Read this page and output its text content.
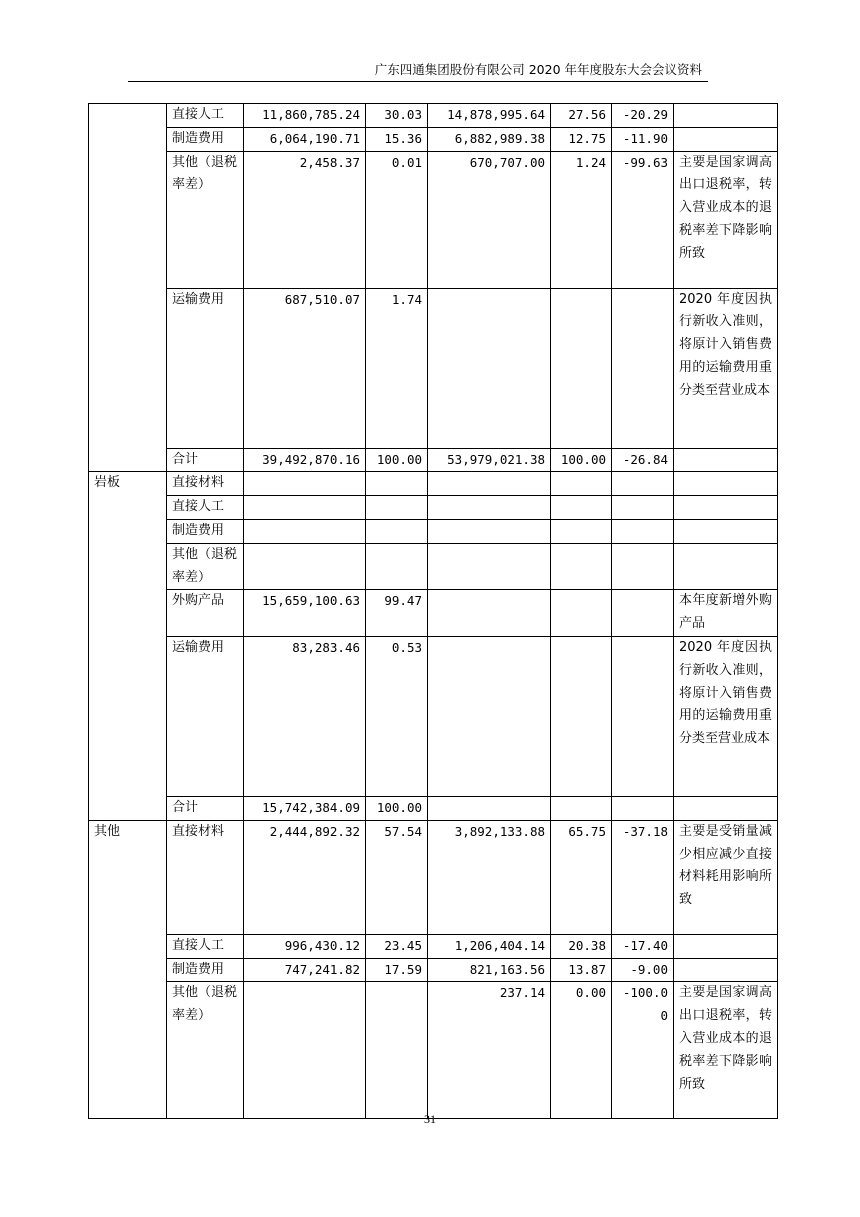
广东四通集团股份有限公司 2020 年年度股东大会会议资料
	直接人工	11,860,785.24	30.03	14,878,995.64	27.56	-20.29	
	制造费用	6,064,190.71	15.36	6,882,989.38	12.75	-11.90	
	其他（退税率差）	2,458.37	0.01	670,707.00	1.24	-99.63	主要是国家调高出口退税率，转入营业成本的退税率差下降影响所致
	运输费用	687,510.07	1.74				2020 年度因执行新收入准则，将原计入销售费用的运输费用重分类至营业成本
	合计	39,492,870.16	100.00	53,979,021.38	100.00	-26.84	
岩板	直接材料						
	直接人工						
	制造费用						
	其他（退税率差）						
	外购产品	15,659,100.63	99.47				本年度新增外购产品
	运输费用	83,283.46	0.53				2020 年度因执行新收入准则，将原计入销售费用的运输费用重分类至营业成本
	合计	15,742,384.09	100.00				
其他	直接材料	2,444,892.32	57.54	3,892,133.88	65.75	-37.18	主要是受销量减少相应减少直接材料耗用影响所致
	直接人工	996,430.12	23.45	1,206,404.14	20.38	-17.40	
	制造费用	747,241.82	17.59	821,163.56	13.87	-9.00	
	其他（退税率差）			237.14	0.00	-100.00	主要是国家调高出口退税率，转入营业成本的退税率差下降影响所致
31
